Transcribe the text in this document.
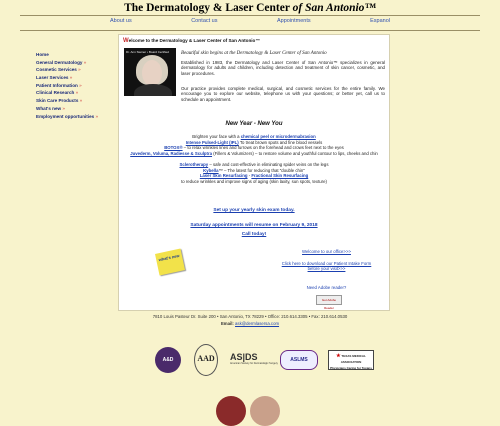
The Dermatology & Laser Center of San Antonio™
About us	Contact us	Appointments	Espanol
Home
General Dermatology »
Cosmetic Services »
Laser Services »
Patient Information »
Clinical Research »
Skin Care Products »
What's new »
Employment opportunities »
Welcome to the Dermatology & Laser Center of San Antonio™
Dr. Ann Steiner • Board Certified Beautiful skin begins at the Dermatology & Laser Center of San Antonio
Established in 1983, the Dermatology and Laser Center of San Antonio™ specializes in general dermatology for adults and children, including detection and treatment of skin cancer, cosmetic, and laser procedures.
Our practice provides complete medical, surgical, and cosmetic services for the entire family. We encourage you to explore our website, telephone us with your questions; or better yet, call us to schedule an appointment.
New Year - New You
Brighten your face with a chemical peel or microdermabrasion
Intense Pulsed-Light (IPL) To treat brown spots and fine blood vessels
BOTOX® – to relax wrinkles lines and furrows on the forehead and crows feet next to the eyes
Juvederm, Voluma, Radiesse & Sculptra (Fillers & Volumizers) – to restore volume and youthful contour to lips, cheeks and chin
Sclerotherapy – safe and cost-effective in eliminating spider veins on the legs
Kybella™ – The latest for reducing that "double chin"
Laser Skin Resurfacing - Fractional Skin Resurfacing
to reduce wrinkles and improve signs of aging (skin laxity, sun spots, texture)
Set up your yearly skin exam today.
Saturday appointments will resume on February 9, 2018
Call today!
what's new
Welcome to our office>>>
Click here to download our Patient Intake Form
before your visit>>>
Need Adobe reader?
Get Adobe Reader
7810 Louis Pasteur Dr. Suite 200 • San Antonio, TX 78229 • Office: 210.614.3305 • Fax: 210.614.0530
Email: ask@dermlasersa.com
A&D	AAD	AS|DS
American Society for Dermatologic Surgery
ASLMS
★ TEXAS MEDICAL ASSOCIATION
Physicians Caring for Texans
